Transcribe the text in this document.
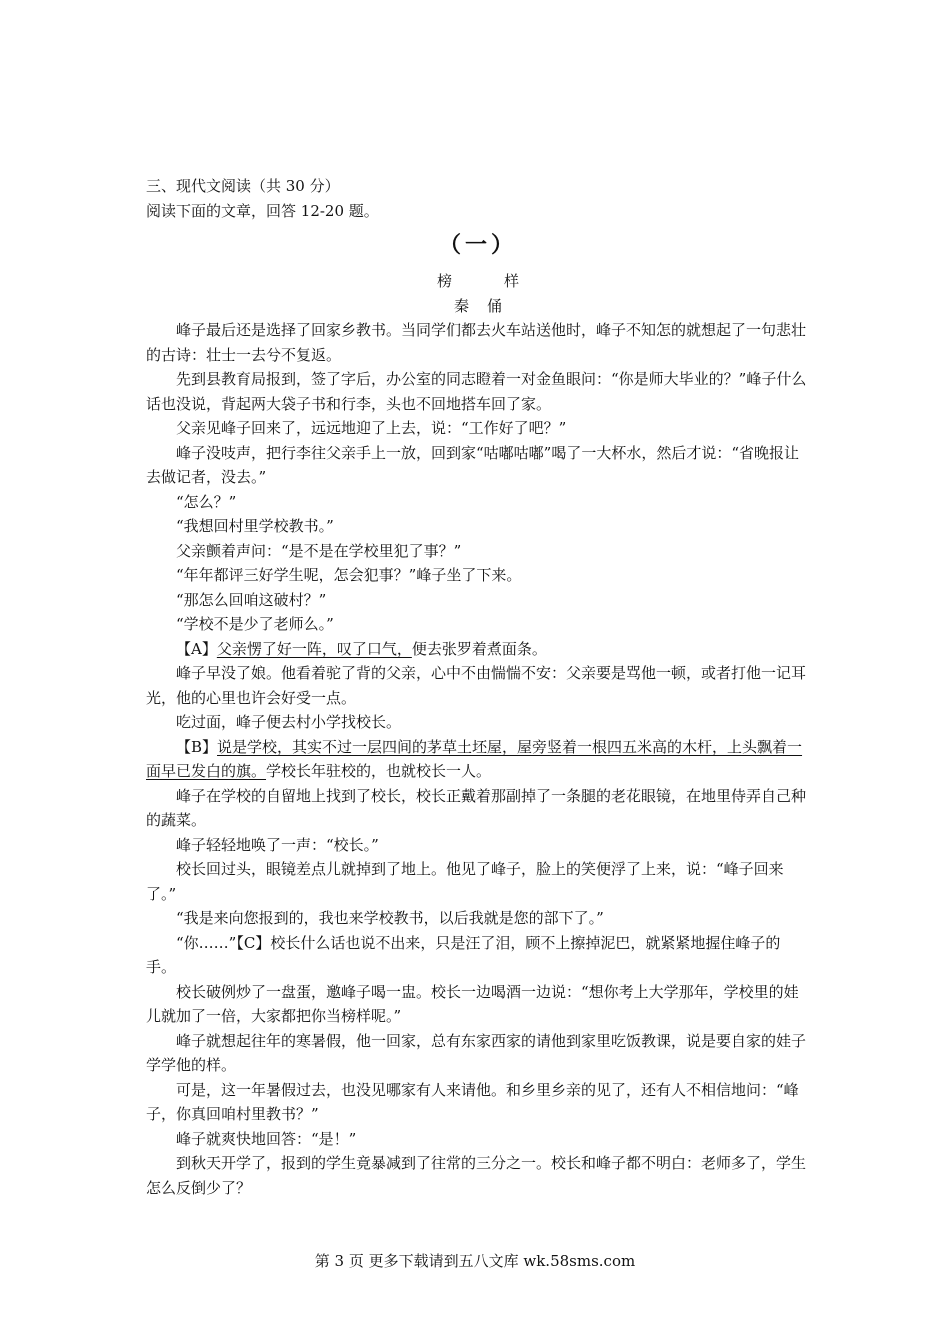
三、现代文阅读（共 30 分）
阅读下面的文章，回答 12-20 题。
（一）
榜样
秦俑
峰子最后还是选择了回家乡教书。当同学们都去火车站送他时，峰子不知怎的就想起了一句悲壮的古诗：壮士一去兮不复返。
先到县教育局报到，签了字后，办公室的同志瞪着一对金鱼眼问：“你是师大毕业的？”峰子什么话也没说，背起两大袋子书和行李，头也不回地搭车回了家。
父亲见峰子回来了，远远地迎了上去，说：“工作好了吧？”
峰子没吱声，把行李往父亲手上一放，回到家“咕嘟咕嘟”喝了一大杯水，然后才说：“省晚报让去做记者，没去。”
“怎么？”
“我想回村里学校教书。”
父亲颤着声问：“是不是在学校里犯了事？”
“年年都评三好学生呢，怎会犯事？”峰子坐了下来。
“那怎么回咱这破村？”
“学校不是少了老师么。”
【A】父亲愣了好一阵，叹了口气，便去张罗着煮面条。
峰子早没了娘。他看着驼了背的父亲，心中不由惴惴不安：父亲要是骂他一顿，或者打他一记耳光，他的心里也许会好受一点。
吃过面，峰子便去村小学找校长。
【B】说是学校，其实不过一层四间的茅草土坯屋，屋旁竖着一根四五米高的木杆，上头飘着一面早已发白的旗。学校长年驻校的，也就校长一人。
峰子在学校的自留地上找到了校长，校长正戴着那副掉了一条腿的老花眼镜，在地里侍弄自己种的蔬菜。
峰子轻轻地唤了一声：“校长。”
校长回过头，眼镜差点儿就掉到了地上。他见了峰子，脸上的笑便浮了上来，说：“峰子回来了。”
“我是来向您报到的，我也来学校教书，以后我就是您的部下了。”
“你……”【C】校长什么话也说不出来，只是汪了泪，顾不上擦掉泥巴，就紧紧地握住峰子的手。
校长破例炒了一盘蛋，邀峰子喝一盅。校长一边喝酒一边说：“想你考上大学那年，学校里的娃儿就加了一倍，大家都把你当榜样呢。”
峰子就想起往年的寒暑假，他一回家，总有东家西家的请他到家里吃饭教课，说是要自家的娃子学学他的样。
可是，这一年暑假过去，也没见哪家有人来请他。和乡里乡亲的见了，还有人不相信地问：“峰子，你真回咱村里教书？”
峰子就爽快地回答：“是！”
到秋天开学了，报到的学生竟暴减到了往常的三分之一。校长和峰子都不明白：老师多了，学生怎么反倒少了？
第 3 页 更多下载请到五八文库 wk.58sms.com
